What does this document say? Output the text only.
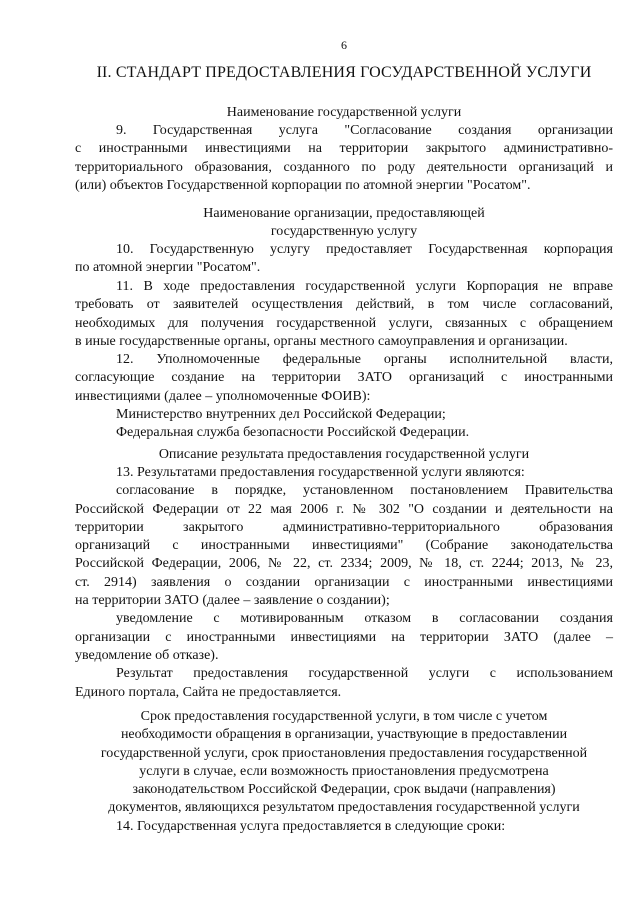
6
II. СТАНДАРТ ПРЕДОСТАВЛЕНИЯ ГОСУДАРСТВЕННОЙ УСЛУГИ
Наименование государственной услуги
9. Государственная услуга "Согласование создания организации
с иностранными инвестициями на территории закрытого административно-
территориального образования, созданного по роду деятельности организаций и
(или) объектов Государственной корпорации по атомной энергии "Росатом".
Наименование организации, предоставляющей
государственную услугу
10. Государственную услугу предоставляет Государственная корпорация
по атомной энергии "Росатом".
11. В ходе предоставления государственной услуги Корпорация не вправе
требовать от заявителей осуществления действий, в том числе согласований,
необходимых для получения государственной услуги, связанных с обращением
в иные государственные органы, органы местного самоуправления и организации.
12. Уполномоченные федеральные органы исполнительной власти,
согласующие создание на территории ЗАТО организаций с иностранными
инвестициями (далее – уполномоченные ФОИВ):
Министерство внутренних дел Российской Федерации;
Федеральная служба безопасности Российской Федерации.
Описание результата предоставления государственной услуги
13. Результатами предоставления государственной услуги являются:
согласование в порядке, установленном постановлением Правительства
Российской Федерации от 22 мая 2006 г. № 302 "О создании и деятельности на
территории закрытого административно-территориального образования
организаций с иностранными инвестициями" (Собрание законодательства
Российской Федерации, 2006, № 22, ст. 2334; 2009, № 18, ст. 2244; 2013, № 23,
ст. 2914) заявления о создании организации с иностранными инвестициями
на территории ЗАТО (далее – заявление о создании);
уведомление с мотивированным отказом в согласовании создания
организации с иностранными инвестициями на территории ЗАТО (далее –
уведомление об отказе).
Результат предоставления государственной услуги с использованием
Единого портала, Сайта не предоставляется.
Срок предоставления государственной услуги, в том числе с учетом
необходимости обращения в организации, участвующие в предоставлении
государственной услуги, срок приостановления предоставления государственной
услуги в случае, если возможность приостановления предусмотрена
законодательством Российской Федерации, срок выдачи (направления)
документов, являющихся результатом предоставления государственной услуги
14. Государственная услуга предоставляется в следующие сроки:
